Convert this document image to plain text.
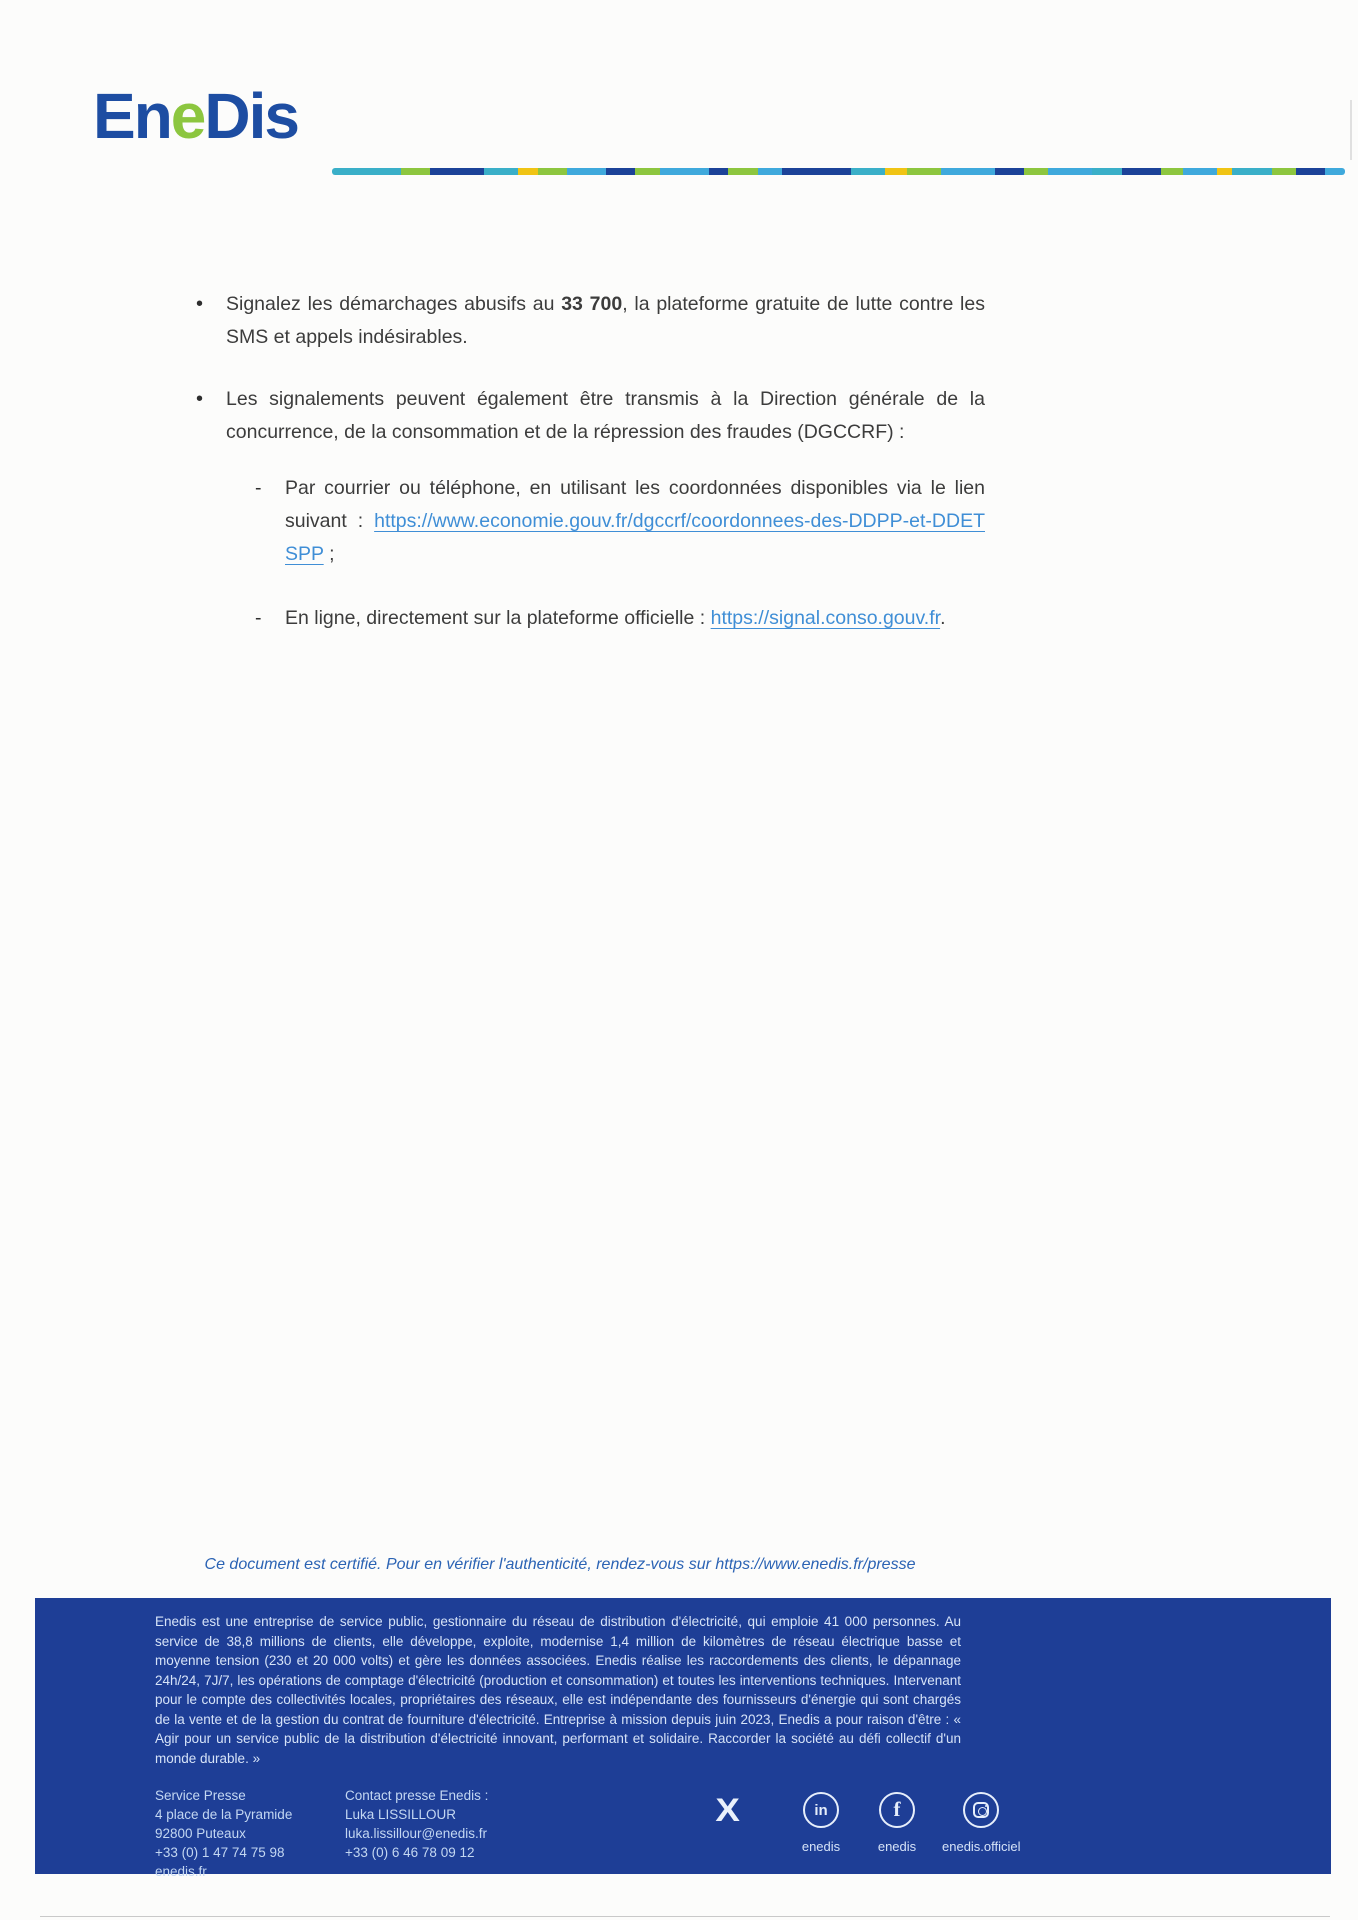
EneDis
•	Signalez les démarchages abusifs au 33 700, la plateforme gratuite de lutte contre les SMS et appels indésirables.
•	Les signalements peuvent également être transmis à la Direction générale de la concurrence, de la consommation et de la répression des fraudes (DGCCRF) :
-	Par courrier ou téléphone, en utilisant les coordonnées disponibles via le lien suivant : https://www.economie.gouv.fr/dgccrf/coordonnees-des-DDPP-et-DDETSPP ;
-	En ligne, directement sur la plateforme officielle : https://signal.conso.gouv.fr.
Ce document est certifié. Pour en vérifier l'authenticité, rendez-vous sur https://www.enedis.fr/presse
Enedis est une entreprise de service public, gestionnaire du réseau de distribution d'électricité, qui emploie 41 000 personnes. Au service de 38,8 millions de clients, elle développe, exploite, modernise 1,4 million de kilomètres de réseau électrique basse et moyenne tension (230 et 20 000 volts) et gère les données associées. Enedis réalise les raccordements des clients, le dépannage 24h/24, 7J/7, les opérations de comptage d'électricité (production et consommation) et toutes les interventions techniques. Intervenant pour le compte des collectivités locales, propriétaires des réseaux, elle est indépendante des fournisseurs d'énergie qui sont chargés de la vente et de la gestion du contrat de fourniture d'électricité. Entreprise à mission depuis juin 2023, Enedis a pour raison d'être : « Agir pour un service public de la distribution d'électricité innovant, performant et solidaire. Raccorder la société au défi collectif d'un monde durable. »
Service Presse
4 place de la Pyramide
92800 Puteaux
+33 (0) 1 47 74 75 98
enedis.fr
Contact presse Enedis :
Luka LISSILLOUR
luka.lissillour@enedis.fr
+33 (0) 6 46 78 09 12
X	in
enedis
f
enedis enedis.officiel
